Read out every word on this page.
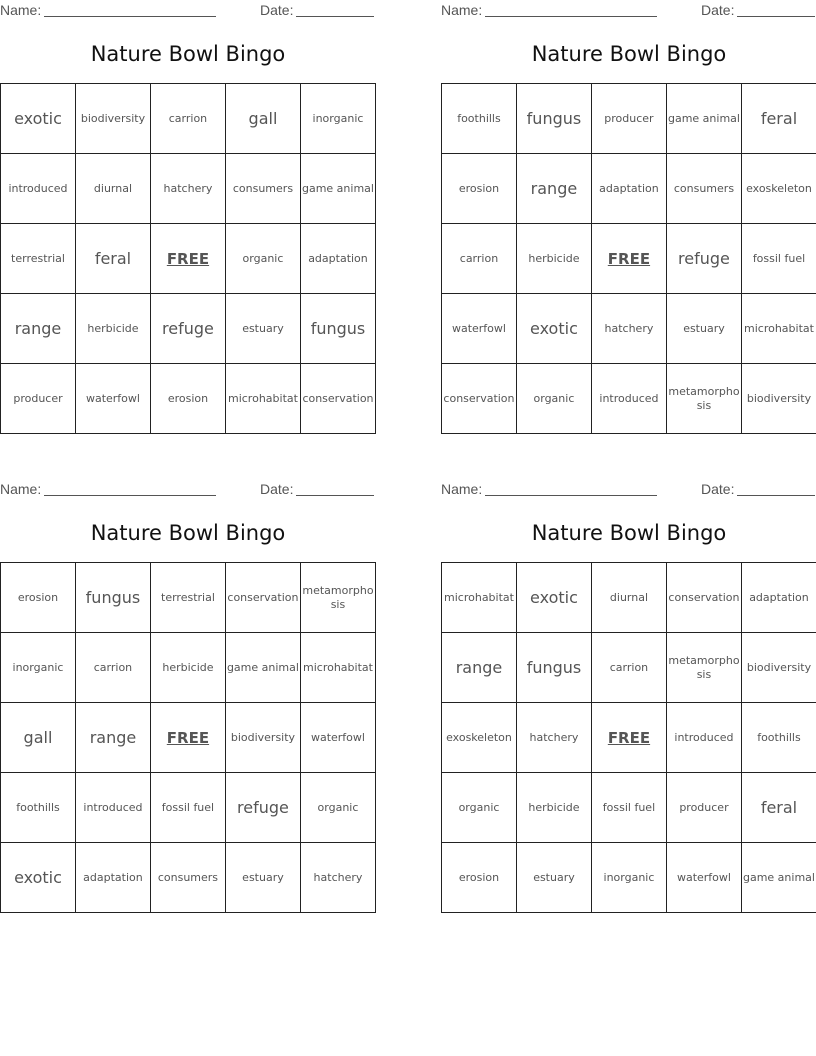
Name:	Date:
Nature Bowl Bingo
exotic	biodiversity	carrion	gall	inorganic
introduced	diurnal	hatchery	consumers	game animal
terrestrial	feral	FREE	organic	adaptation
range	herbicide	refuge	estuary	fungus
producer	waterfowl	erosion	microhabitat	conservation
Name:	Date:
Nature Bowl Bingo
foothills	fungus	producer	game animal	feral
erosion	range	adaptation	consumers	exoskeleton
carrion	herbicide	FREE	refuge	fossil fuel
waterfowl	exotic	hatchery	estuary	microhabitat
conservation	organic	introduced	metamorphosis	biodiversity
Name:	Date:
Nature Bowl Bingo
erosion	fungus	terrestrial	conservation	metamorphosis
inorganic	carrion	herbicide	game animal	microhabitat
gall	range	FREE	biodiversity	waterfowl
foothills	introduced	fossil fuel	refuge	organic
exotic	adaptation	consumers	estuary	hatchery
Name:	Date:
Nature Bowl Bingo
microhabitat	exotic	diurnal	conservation	adaptation
range	fungus	carrion	metamorphosis	biodiversity
exoskeleton	hatchery	FREE	introduced	foothills
organic	herbicide	fossil fuel	producer	feral
erosion	estuary	inorganic	waterfowl	game animal
